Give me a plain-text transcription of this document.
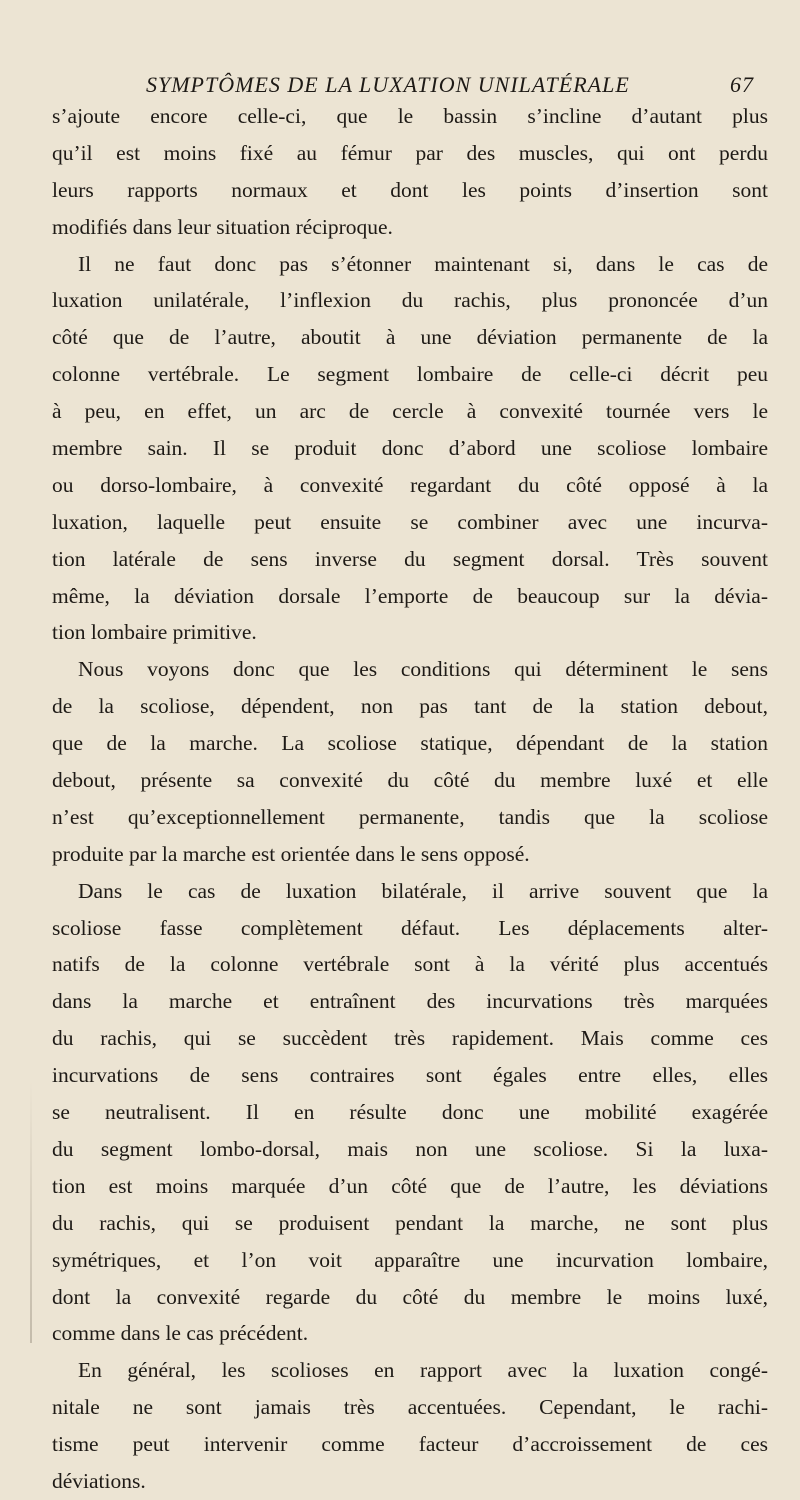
SYMPTÔMES DE LA LUXATION UNILATÉRALE	67
s’ajoute encore celle-ci, que le bassin s’incline d’autant plus
qu’il est moins fixé au fémur par des muscles, qui ont perdu
leurs rapports normaux et dont les points d’insertion sont
modifiés dans leur situation réciproque.
Il ne faut donc pas s’étonner maintenant si, dans le cas de
luxation unilatérale, l’inflexion du rachis, plus prononcée d’un
côté que de l’autre, aboutit à une déviation permanente de la
colonne vertébrale. Le segment lombaire de celle-ci décrit peu
à peu, en effet, un arc de cercle à convexité tournée vers le
membre sain. Il se produit donc d’abord une scoliose lombaire
ou dorso-lombaire, à convexité regardant du côté opposé à la
luxation, laquelle peut ensuite se combiner avec une incurva-
tion latérale de sens inverse du segment dorsal. Très souvent
même, la déviation dorsale l’emporte de beaucoup sur la dévia-
tion lombaire primitive.
Nous voyons donc que les conditions qui déterminent le sens
de la scoliose, dépendent, non pas tant de la station debout,
que de la marche. La scoliose statique, dépendant de la station
debout, présente sa convexité du côté du membre luxé et elle
n’est qu’exceptionnellement permanente, tandis que la scoliose
produite par la marche est orientée dans le sens opposé.
Dans le cas de luxation bilatérale, il arrive souvent que la
scoliose fasse complètement défaut. Les déplacements alter-
natifs de la colonne vertébrale sont à la vérité plus accentués
dans la marche et entraînent des incurvations très marquées
du rachis, qui se succèdent très rapidement. Mais comme ces
incurvations de sens contraires sont égales entre elles, elles
se neutralisent. Il en résulte donc une mobilité exagérée
du segment lombo-dorsal, mais non une scoliose. Si la luxa-
tion est moins marquée d’un côté que de l’autre, les déviations
du rachis, qui se produisent pendant la marche, ne sont plus
symétriques, et l’on voit apparaître une incurvation lombaire,
dont la convexité regarde du côté du membre le moins luxé,
comme dans le cas précédent.
En général, les scolioses en rapport avec la luxation congé-
nitale ne sont jamais très accentuées. Cependant, le rachi-
tisme peut intervenir comme facteur d’accroissement de ces
déviations.
